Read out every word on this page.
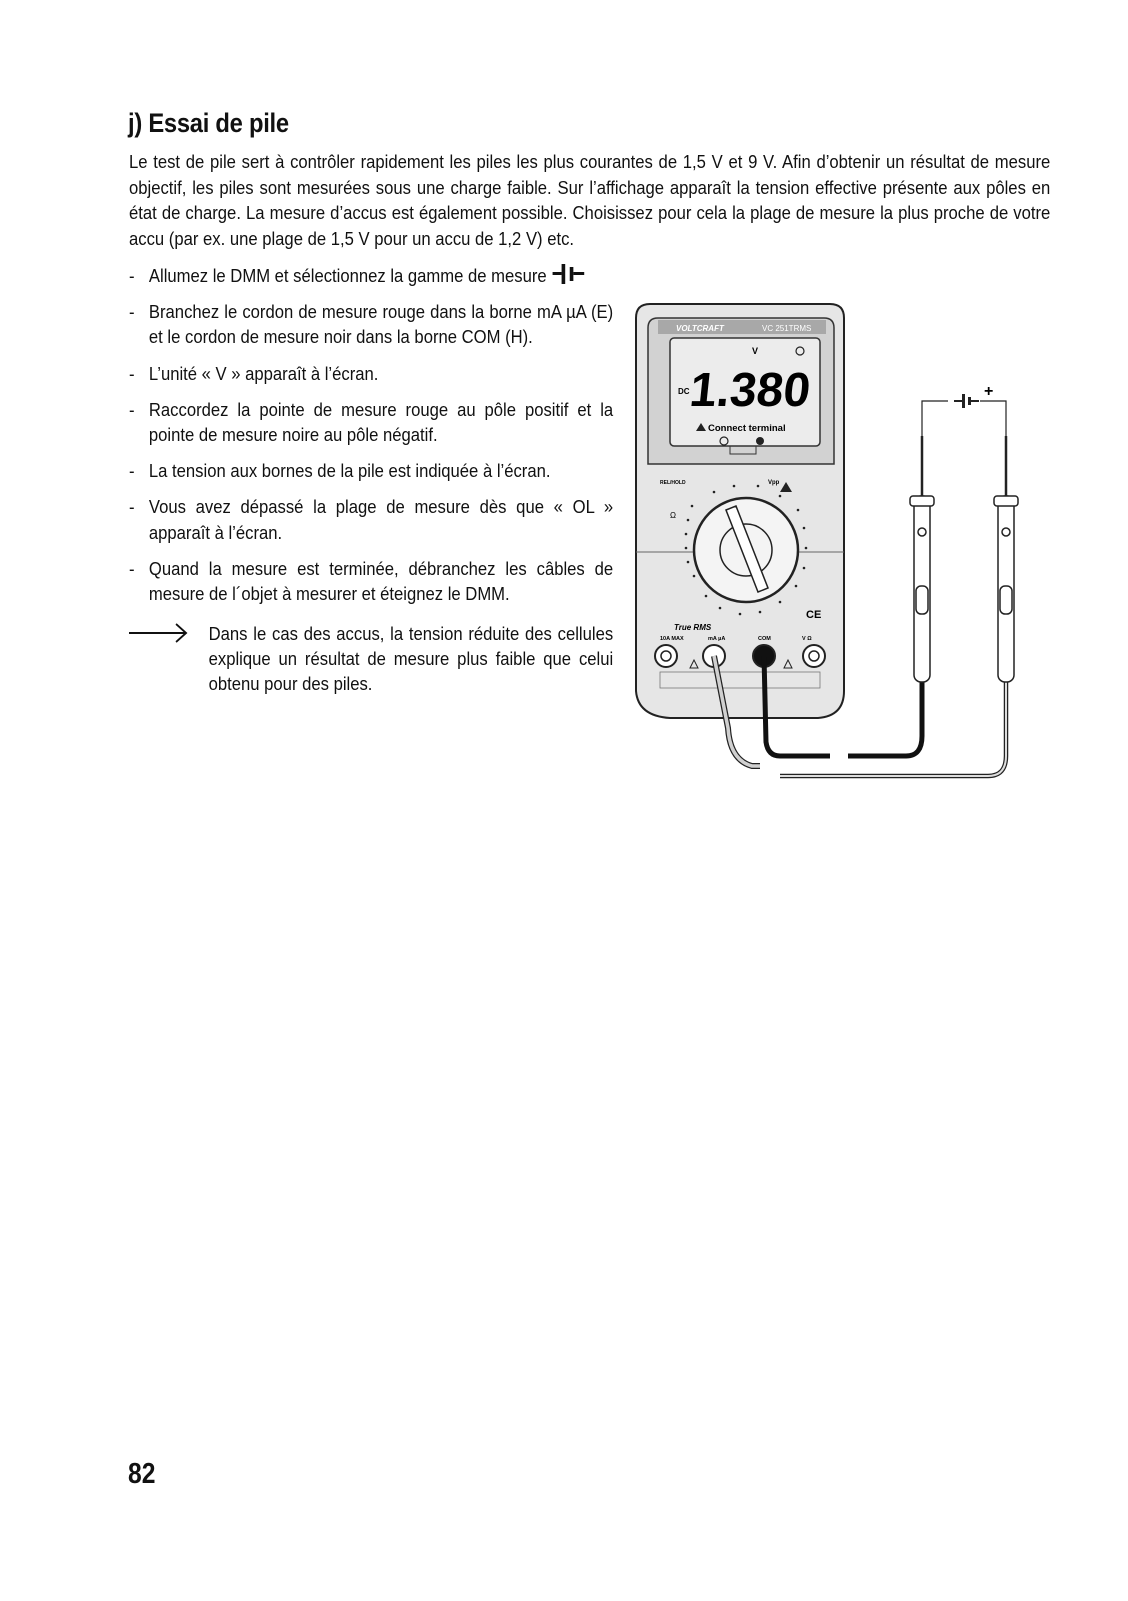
j) Essai de pile
Le test de pile sert à contrôler rapidement les piles les plus courantes de 1,5 V et 9 V. Afin d’obtenir un résultat de mesure objectif, les piles sont mesurées sous une charge faible. Sur l’affichage apparaît la tension effective présente aux pôles en état de charge. La mesure d’accus est également possible. Choisissez pour cela la plage de mesure la plus proche de votre accu (par ex. une plage de 1,5 V pour un accu de 1,2 V) etc.
- Allumez le DMM et sélectionnez la gamme de mesure
- Branchez le cordon de mesure rouge dans la borne mA µA (E) et le cordon de mesure noir dans la borne COM (H).
- L’unité « V » apparaît à l’écran.
- Raccordez la pointe de mesure rouge au pôle positif et la pointe de mesure noire au pôle négatif.
- La tension aux bornes de la pile est indiquée à l’écran.
- Vous avez dépassé la plage de mesure dès que « OL » apparaît à l’écran.
- Quand la mesure est terminée, débranchez les câbles de mesure de l´objet à mesurer et éteignez le DMM.
Dans le cas des accus, la tension réduite des cellules explique un résultat de mesure plus faible que celui obtenu pour des piles.
VOLTCRAFT	VC 251TRMS
V
DC
1.380
Connect terminal
REL/HOLD	Vpp
Ω
True RMS
CE
10A MAX	mA µA	COM	V Ω
+
82
